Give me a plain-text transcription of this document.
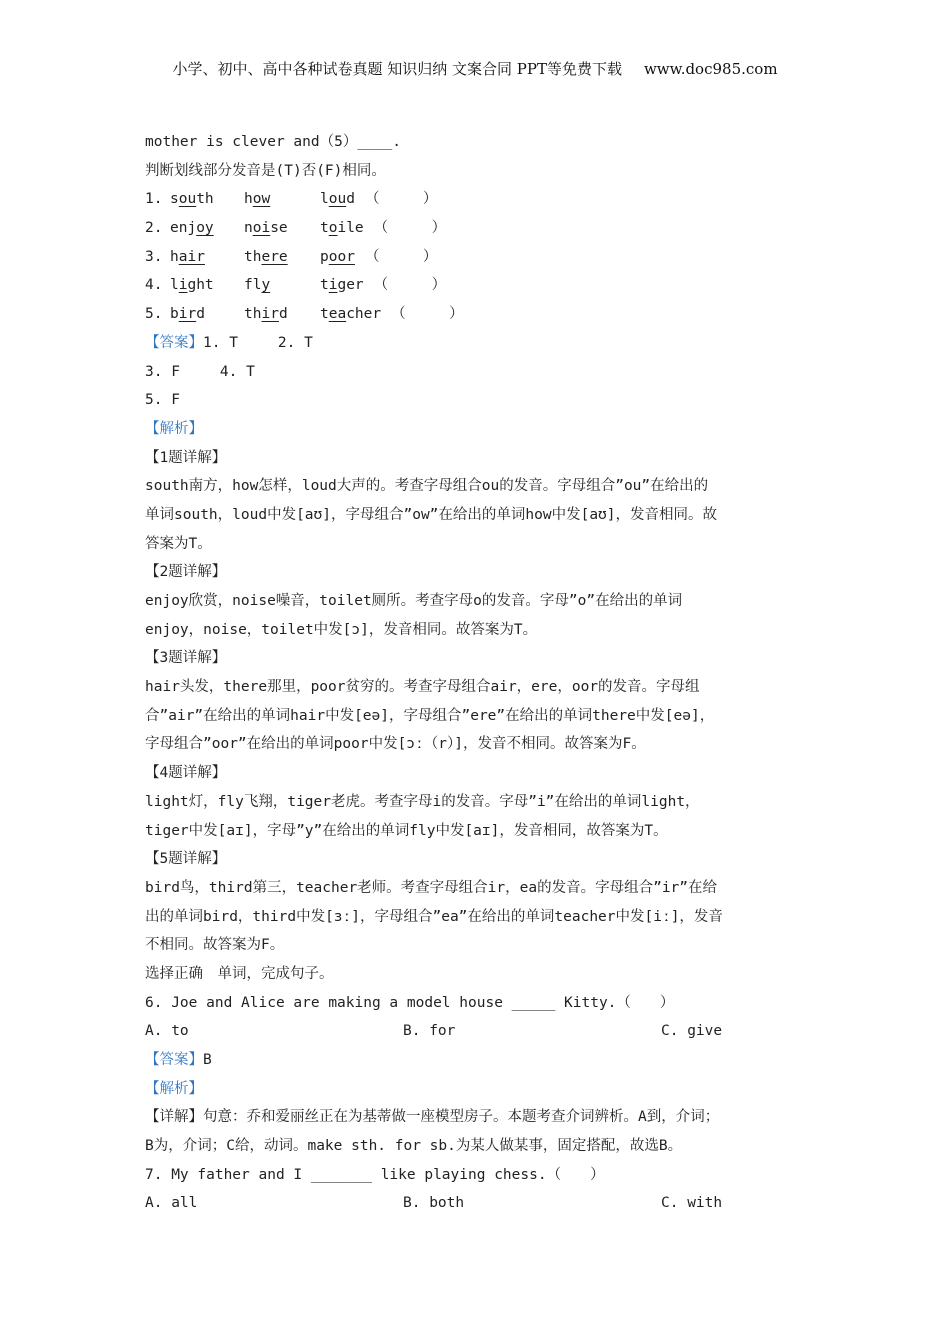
小学、初中、高中各种试卷真题 知识归纳 文案合同 PPT等免费下载 www.doc985.com
mother is clever and（5）____.
判断划线部分发音是(T)否(F)相同。
1. south how	loud （　　　）
2. enjoy noise toile （　　　）
3. hair	there poor （　　　）
4. light fly	tiger （　　　）
5. bird	third teacher （　　　）
【答案】1. T	2. T
3. F	4. T
5. F
【解析】
【1题详解】
south南方，how怎样，loud大声的。考查字母组合ou的发音。字母组合”ou”在给出的
单词south，loud中发[aʊ]，字母组合”ow”在给出的单词how中发[aʊ]，发音相同。故
答案为T。
【2题详解】
enjoy欣赏，noise噪音，toilet厕所。考查字母o的发音。字母”o”在给出的单词
enjoy，noise，toilet中发[ɔ]，发音相同。故答案为T。
【3题详解】
hair头发，there那里，poor贫穷的。考查字母组合air，ere，oor的发音。字母组
合”air”在给出的单词hair中发[eə]，字母组合”ere”在给出的单词there中发[eə]，
字母组合”oor”在给出的单词poor中发[ɔː（r）]，发音不相同。故答案为F。
【4题详解】
light灯，fly飞翔，tiger老虎。考查字母i的发音。字母”i”在给出的单词light，
tiger中发[aɪ]，字母”y”在给出的单词fly中发[aɪ]，发音相同，故答案为T。
【5题详解】
bird鸟，third第三，teacher老师。考查字母组合ir，ea的发音。字母组合”ir”在给
出的单词bird，third中发[ɜː]，字母组合”ea”在给出的单词teacher中发[iː]，发音
不相同。故答案为F。
选择正确　单词，完成句子。
6. Joe and Alice are making a model house _____ Kitty.（　　）
A. to	B. for	C. give
【答案】B
【解析】
【详解】句意：乔和爱丽丝正在为基蒂做一座模型房子。本题考查介词辨析。A到，介词；
B为，介词；C给，动词。make sth. for sb.为某人做某事，固定搭配，故选B。
7. My father and I _______ like playing chess.（　　）
A. all	B. both	C. with
